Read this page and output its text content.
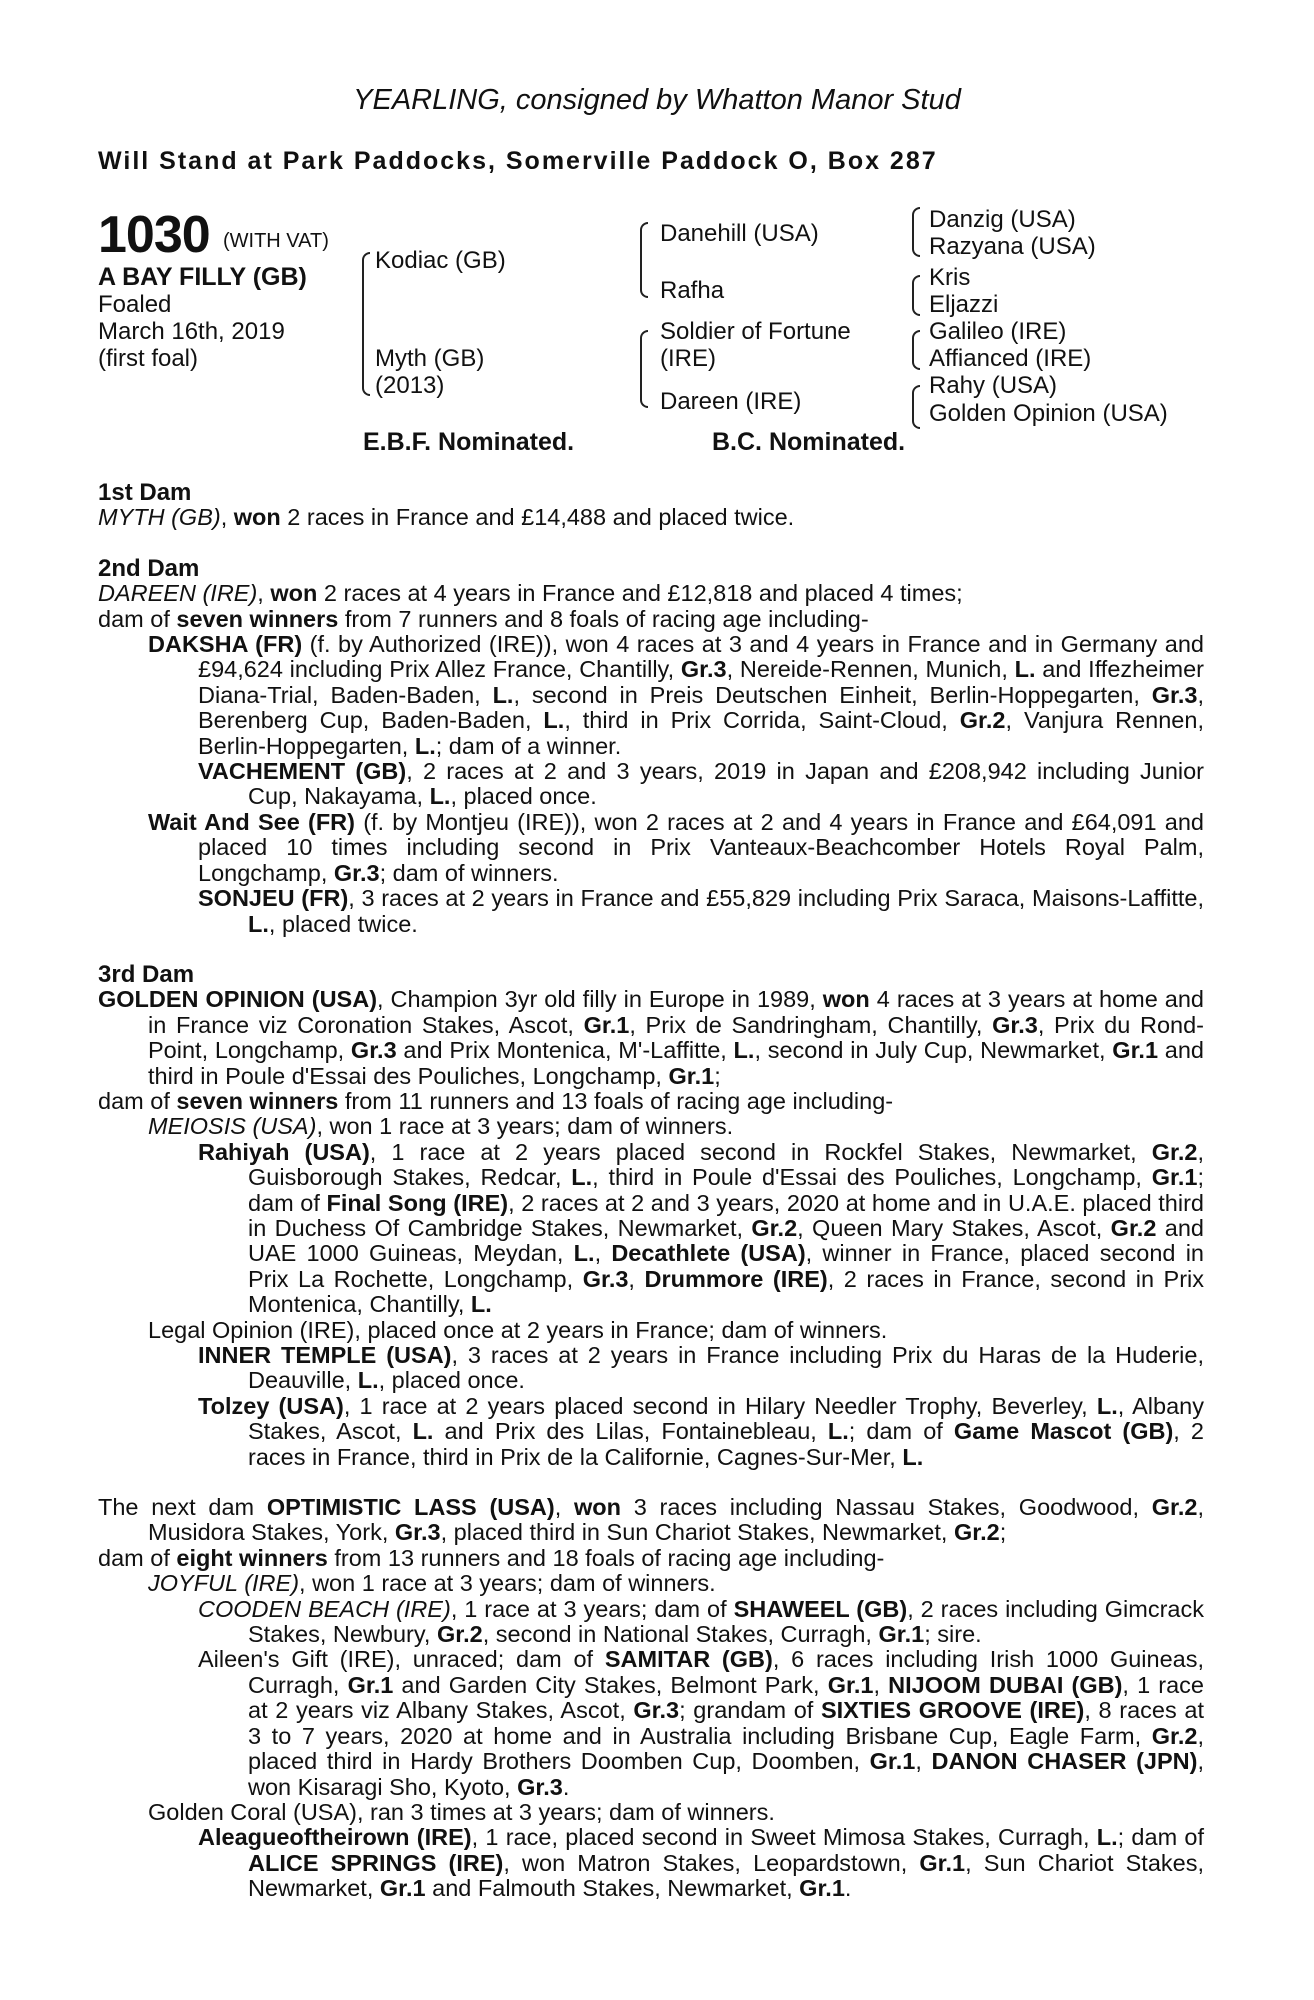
YEARLING, consigned by Whatton Manor Stud
Will Stand at Park Paddocks, Somerville Paddock O, Box 287
1030 (WITH VAT)
A BAY FILLY (GB)
Foaled
March 16th, 2019
(first foal)
Kodiac (GB)
Myth (GB)
(2013)
Danehill (USA)
Rafha
Soldier of Fortune
(IRE)
Dareen (IRE)
Danzig (USA)
Razyana (USA)
Kris
Eljazzi
Galileo (IRE)
Affianced (IRE)
Rahy (USA)
Golden Opinion (USA)
E.B.F. Nominated.	B.C. Nominated.

1st Dam

MYTH (GB), won 2 races in France and £14,488 and placed twice.

2nd Dam

DAREEN (IRE), won 2 races at 4 years in France and £12,818 and placed 4 times;

dam of seven winners from 7 runners and 8 foals of racing age including-

DAKSHA (FR) (f. by Authorized (IRE)), won 4 races at 3 and 4 years in France and in Germany and £94,624 including Prix Allez France, Chantilly, Gr.3, Nereide-Rennen, Munich, L. and Iffezheimer Diana-Trial, Baden-Baden, L., second in Preis Deutschen Einheit, Berlin-Hoppegarten, Gr.3, Berenberg Cup, Baden-Baden, L., third in Prix Corrida, Saint-Cloud, Gr.2, Vanjura Rennen, Berlin-Hoppegarten, L.; dam of a winner.

VACHEMENT (GB), 2 races at 2 and 3 years, 2019 in Japan and £208,942 including Junior Cup, Nakayama, L., placed once.

Wait And See (FR) (f. by Montjeu (IRE)), won 2 races at 2 and 4 years in France and £64,091 and placed 10 times including second in Prix Vanteaux-Beachcomber Hotels Royal Palm, Longchamp, Gr.3; dam of winners.

SONJEU (FR), 3 races at 2 years in France and £55,829 including Prix Saraca, Maisons-Laffitte, L., placed twice.

3rd Dam

GOLDEN OPINION (USA), Champion 3yr old filly in Europe in 1989, won 4 races at 3 years at home and in France viz Coronation Stakes, Ascot, Gr.1, Prix de Sandringham, Chantilly, Gr.3, Prix du Rond-Point, Longchamp, Gr.3 and Prix Montenica, M'-Laffitte, L., second in July Cup, Newmarket, Gr.1 and third in Poule d'Essai des Pouliches, Longchamp, Gr.1;

dam of seven winners from 11 runners and 13 foals of racing age including-

MEIOSIS (USA), won 1 race at 3 years; dam of winners.

Rahiyah (USA), 1 race at 2 years placed second in Rockfel Stakes, Newmarket, Gr.2, Guisborough Stakes, Redcar, L., third in Poule d'Essai des Pouliches, Longchamp, Gr.1; dam of Final Song (IRE), 2 races at 2 and 3 years, 2020 at home and in U.A.E. placed third in Duchess Of Cambridge Stakes, Newmarket, Gr.2, Queen Mary Stakes, Ascot, Gr.2 and UAE 1000 Guineas, Meydan, L., Decathlete (USA), winner in France, placed second in Prix La Rochette, Longchamp, Gr.3, Drummore (IRE), 2 races in France, second in Prix Montenica, Chantilly, L.

Legal Opinion (IRE), placed once at 2 years in France; dam of winners.

INNER TEMPLE (USA), 3 races at 2 years in France including Prix du Haras de la Huderie, Deauville, L., placed once.

Tolzey (USA), 1 race at 2 years placed second in Hilary Needler Trophy, Beverley, L., Albany Stakes, Ascot, L. and Prix des Lilas, Fontainebleau, L.; dam of Game Mascot (GB), 2 races in France, third in Prix de la Californie, Cagnes-Sur-Mer, L.

The next dam OPTIMISTIC LASS (USA), won 3 races including Nassau Stakes, Goodwood, Gr.2, Musidora Stakes, York, Gr.3, placed third in Sun Chariot Stakes, Newmarket, Gr.2;

dam of eight winners from 13 runners and 18 foals of racing age including-

JOYFUL (IRE), won 1 race at 3 years; dam of winners.

COODEN BEACH (IRE), 1 race at 3 years; dam of SHAWEEL (GB), 2 races including Gimcrack Stakes, Newbury, Gr.2, second in National Stakes, Curragh, Gr.1; sire.

Aileen's Gift (IRE), unraced; dam of SAMITAR (GB), 6 races including Irish 1000 Guineas, Curragh, Gr.1 and Garden City Stakes, Belmont Park, Gr.1, NIJOOM DUBAI (GB), 1 race at 2 years viz Albany Stakes, Ascot, Gr.3; grandam of SIXTIES GROOVE (IRE), 8 races at 3 to 7 years, 2020 at home and in Australia including Brisbane Cup, Eagle Farm, Gr.2, placed third in Hardy Brothers Doomben Cup, Doomben, Gr.1, DANON CHASER (JPN), won Kisaragi Sho, Kyoto, Gr.3.

Golden Coral (USA), ran 3 times at 3 years; dam of winners.

Aleagueoftheirown (IRE), 1 race, placed second in Sweet Mimosa Stakes, Curragh, L.; dam of ALICE SPRINGS (IRE), won Matron Stakes, Leopardstown, Gr.1, Sun Chariot Stakes, Newmarket, Gr.1 and Falmouth Stakes, Newmarket, Gr.1.
